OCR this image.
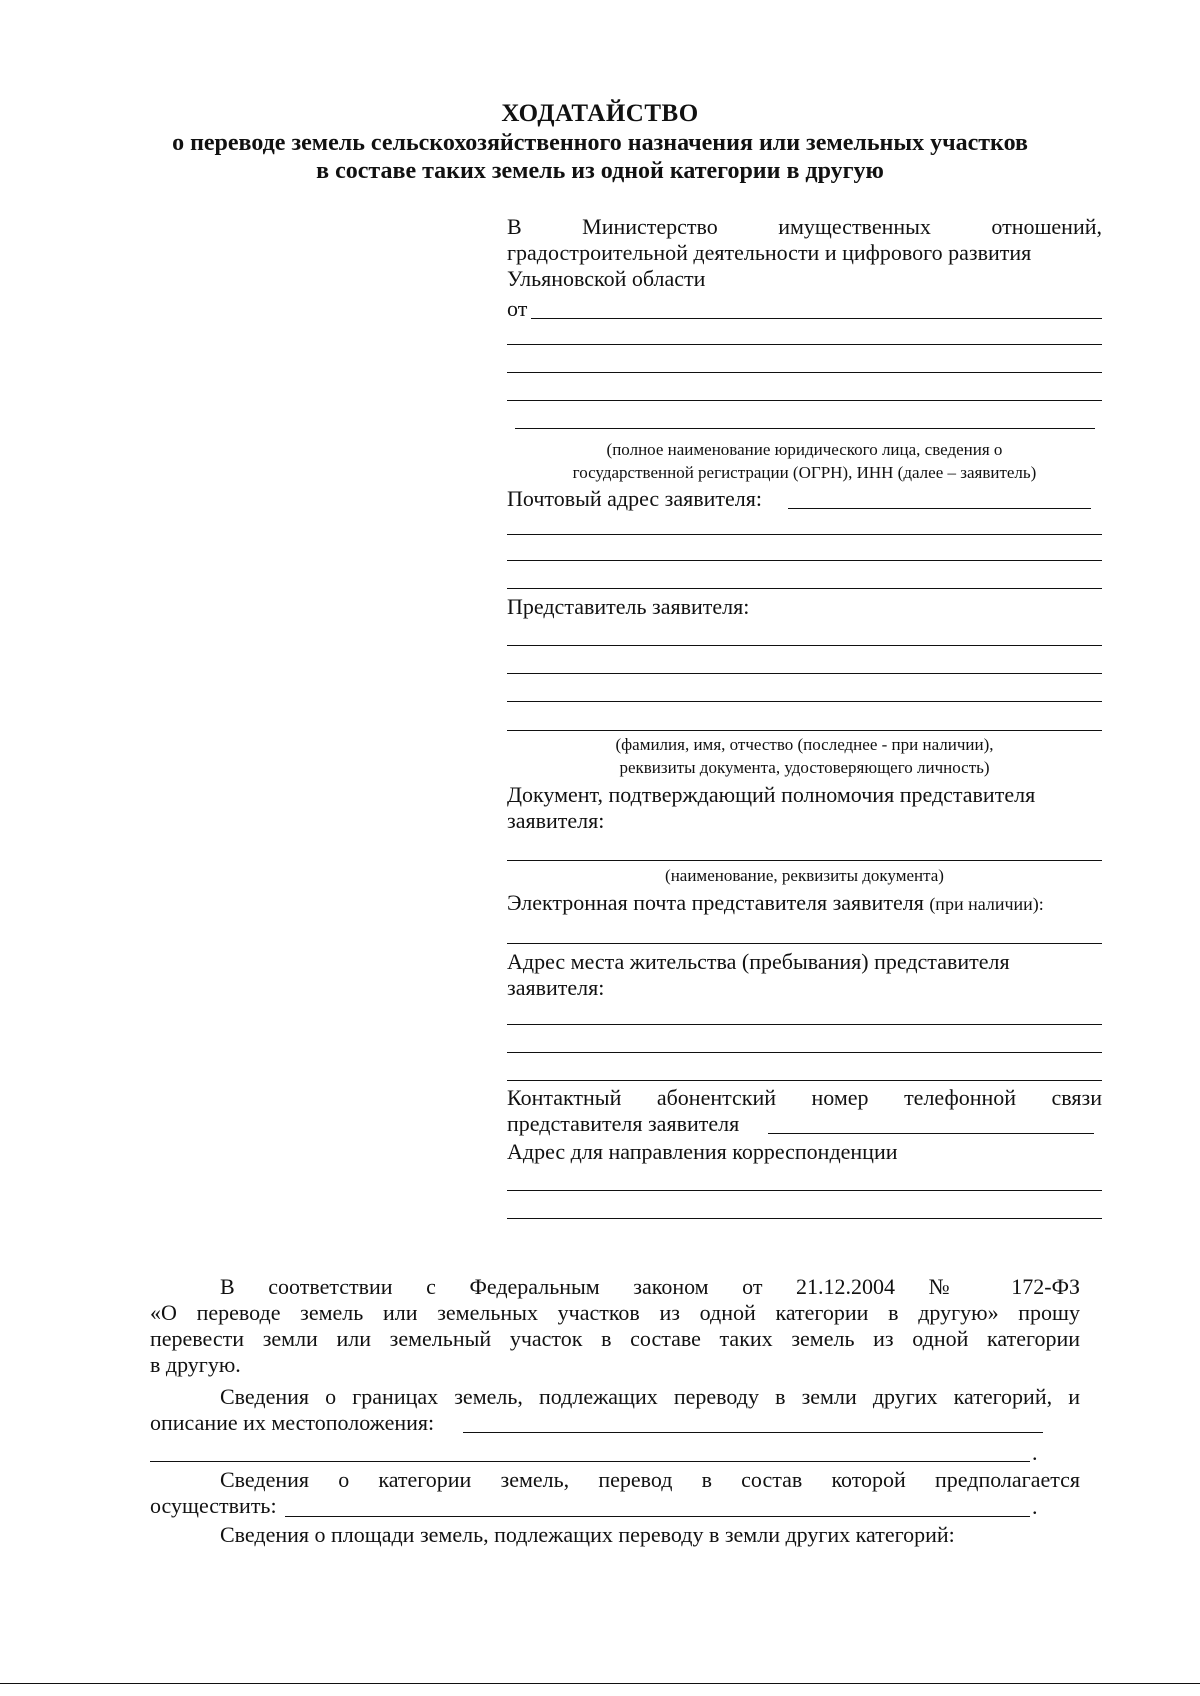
ХОДАТАЙСТВО
о переводе земель сельскохозяйственного назначения или земельных участков
в составе таких земель из одной категории в другую

В Министерство имущественных отношений,

градостроительной деятельности и цифрового развития

Ульяновской области

от
(полное наименование юридического лица, сведения о
государственной регистрации (ОГРН), ИНН (далее – заявитель)
Почтовый адрес заявителя:
Представитель заявителя:
(фамилия, имя, отчество (последнее - при наличии),
реквизиты документа, удостоверяющего личность)

Документ, подтверждающий полномочия представителя

заявителя:

(наименование, реквизиты документа)
Электронная почта представителя заявителя (при наличии):

Адрес места жительства (пребывания) представителя

заявителя:

Контактный абонентский номер телефонной связи

представителя заявителя

Адрес для направления корреспонденции

В соответствии с Федеральным законом от 21.12.2004 № 172-ФЗ

«О переводе земель или земельных участков из одной категории в другую» прошу

перевести земли или земельный участок в составе таких земель из одной категории

в другую.

Сведения о границах земель, подлежащих переводу в земли других категорий, и

описание их местоположения:

.

Сведения о категории земель, перевод в состав которой предполагается

осуществить:	.

Сведения о площади земель, подлежащих переводу в земли других категорий:
